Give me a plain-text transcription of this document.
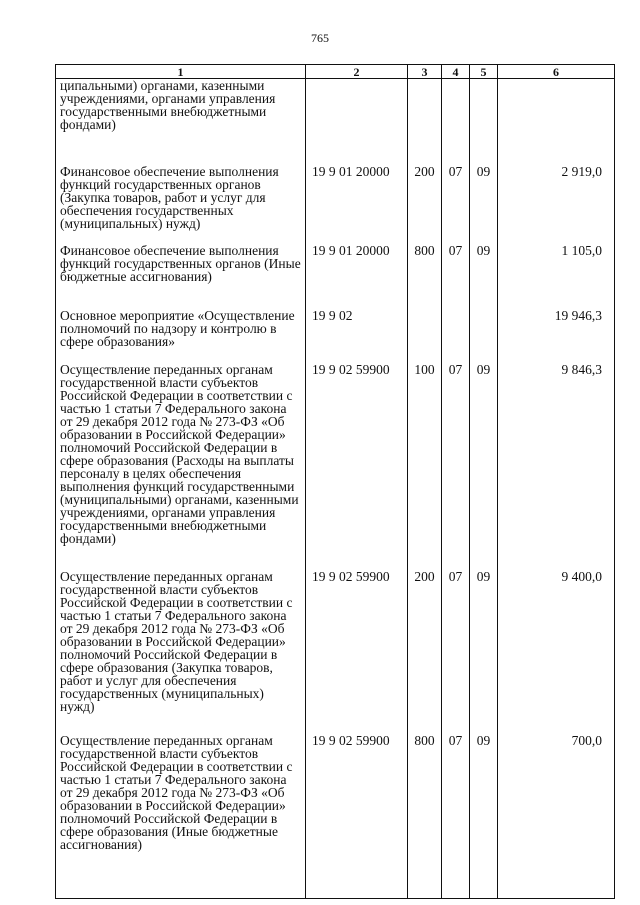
765
1	2	3	4	5	6
ципальными) органами, казенными учреждениями, органами управления государственными внебюджетными фондами)					
Финансовое обеспечение выполнения функций государственных органов (Закупка товаров, работ и услуг для обеспечения государственных (муниципальных) нужд)	19 9 01 20000	200	07	09	2 919,0
Финансовое обеспечение выполнения функций государственных органов (Иные бюджетные ассигнования)	19 9 01 20000	800	07	09	1 105,0
Основное мероприятие «Осуществление полномочий по надзору и контролю в сфере образования»	19 9 02				19 946,3
Осуществление переданных органам государственной власти субъектов Российской Федерации в соответствии с частью 1 статьи 7 Федерального закона от 29 декабря 2012 года № 273-ФЗ «Об образовании в Российской Федерации» полномочий Российской Федерации в сфере образования (Расходы на выплаты персоналу в целях обеспечения выполнения функций государственными (муниципальными) органами, казенными учреждениями, органами управления государственными внебюджетными фондами)	19 9 02 59900	100	07	09	9 846,3
Осуществление переданных органам государственной власти субъектов Российской Федерации в соответствии с частью 1 статьи 7 Федерального закона от 29 декабря 2012 года № 273-ФЗ «Об образовании в Российской Федерации» полномочий Российской Федерации в сфере образования (Закупка товаров, работ и услуг для обеспечения государственных (муниципальных) нужд)	19 9 02 59900	200	07	09	9 400,0
Осуществление переданных органам государственной власти субъектов Российской Федерации в соответствии с частью 1 статьи 7 Федерального закона от 29 декабря 2012 года № 273-ФЗ «Об образовании в Российской Федерации» полномочий Российской Федерации в сфере образования (Иные бюджетные ассигнования)	19 9 02 59900	800	07	09	700,0
